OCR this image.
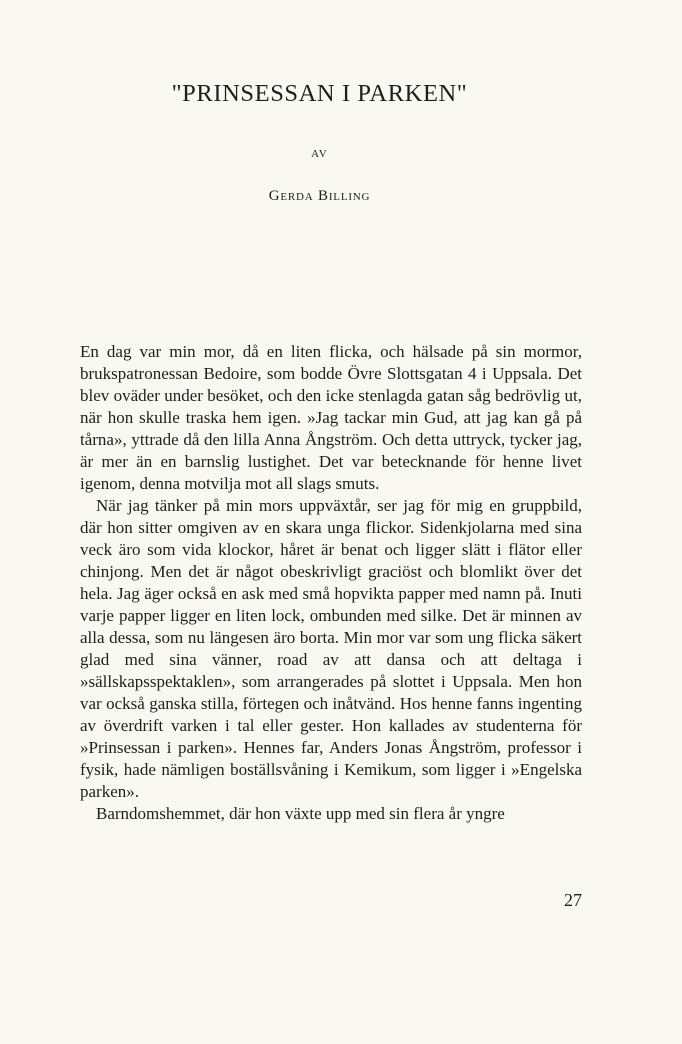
"PRINSESSAN I PARKEN"
AV
Gerda Billing

En dag var min mor, då en liten flicka, och hälsade på sin mormor, brukspatronessan Bedoire, som bodde Övre Slottsgatan 4 i Uppsala. Det blev oväder under besöket, och den icke stenlagda gatan såg bedrövlig ut, när hon skulle traska hem igen. »Jag tackar min Gud, att jag kan gå på tårna», yttrade då den lilla Anna Ångström. Och detta uttryck, tycker jag, är mer än en barnslig lustighet. Det var betecknande för henne livet igenom, denna motvilja mot all slags smuts.

När jag tänker på min mors uppväxtår, ser jag för mig en gruppbild, där hon sitter omgiven av en skara unga flickor. Sidenkjolarna med sina veck äro som vida klockor, håret är benat och ligger slätt i flätor eller chinjong. Men det är något obeskrivligt graciöst och blomlikt över det hela. Jag äger också en ask med små hopvikta papper med namn på. Inuti varje papper ligger en liten lock, ombunden med silke. Det är minnen av alla dessa, som nu längesen äro borta. Min mor var som ung flicka säkert glad med sina vänner, road av att dansa och att deltaga i »sällskapsspektaklen», som arrangerades på slottet i Uppsala. Men hon var också ganska stilla, förtegen och inåtvänd. Hos henne fanns ingenting av överdrift varken i tal eller gester. Hon kallades av studenterna för »Prinsessan i parken». Hennes far, Anders Jonas Ångström, professor i fysik, hade nämligen boställsvåning i Kemikum, som ligger i »Engelska parken».

Barndomshemmet, där hon växte upp med sin flera år yngre

27
